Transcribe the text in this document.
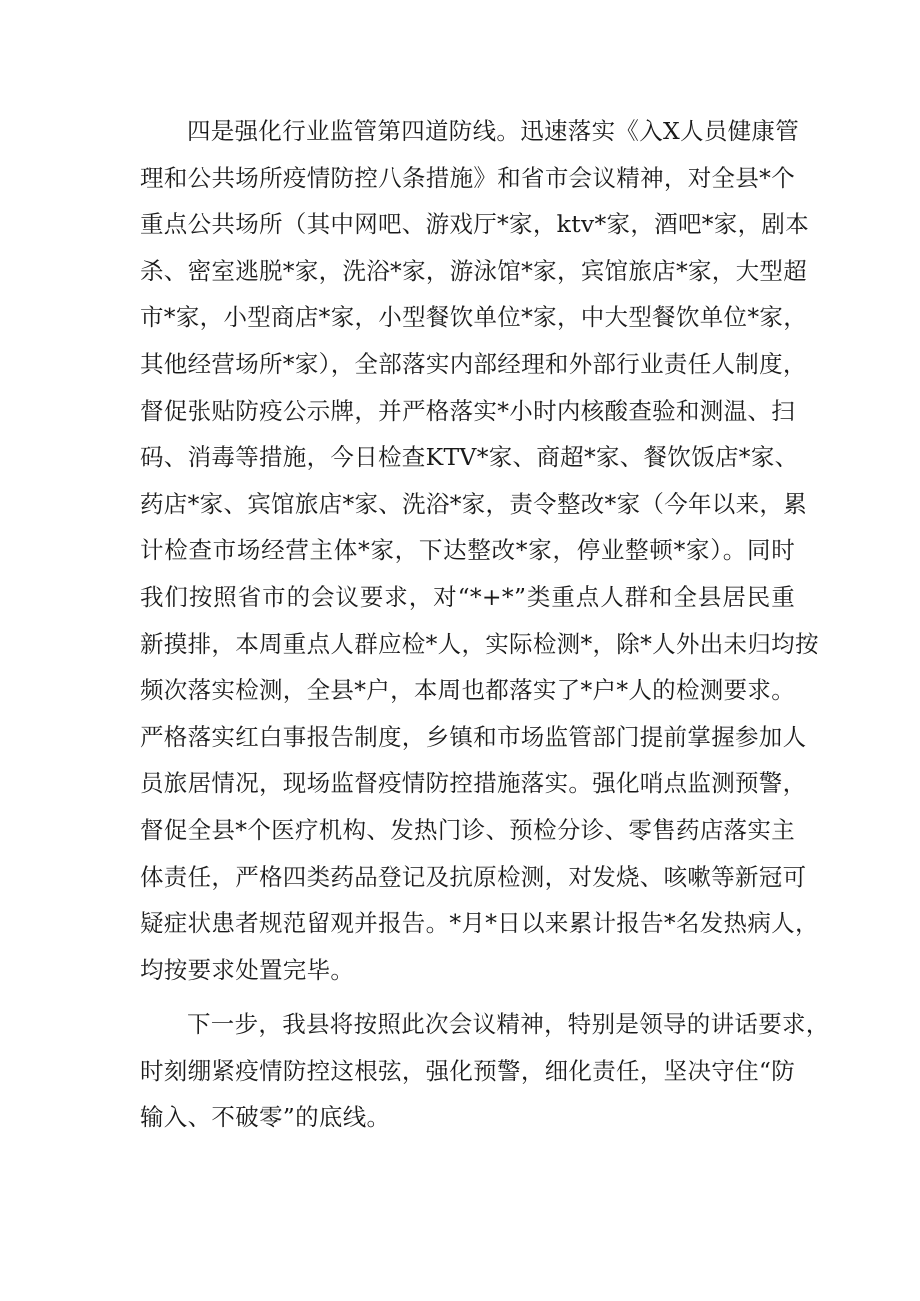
四是强化行业监管第四道防线。迅速落实《入X人员健康管
理和公共场所疫情防控八条措施》和省市会议精神，对全县*个
重点公共场所（其中网吧、游戏厅*家，ktv*家，酒吧*家，剧本
杀、密室逃脱*家，洗浴*家，游泳馆*家，宾馆旅店*家，大型超
市*家，小型商店*家，小型餐饮单位*家，中大型餐饮单位*家，
其他经营场所*家），全部落实内部经理和外部行业责任人制度，
督促张贴防疫公示牌，并严格落实*小时内核酸查验和测温、扫
码、消毒等措施，今日检查KTV*家、商超*家、餐饮饭店*家、
药店*家、宾馆旅店*家、洗浴*家，责令整改*家（今年以来，累
计检查市场经营主体*家，下达整改*家，停业整顿*家）。同时
我们按照省市的会议要求，对“*+*”类重点人群和全县居民重
新摸排，本周重点人群应检*人，实际检测*，除*人外出未归均按
频次落实检测，全县*户，本周也都落实了*户*人的检测要求。
严格落实红白事报告制度，乡镇和市场监管部门提前掌握参加人
员旅居情况，现场监督疫情防控措施落实。强化哨点监测预警，
督促全县*个医疗机构、发热门诊、预检分诊、零售药店落实主
体责任，严格四类药品登记及抗原检测，对发烧、咳嗽等新冠可
疑症状患者规范留观并报告。*月*日以来累计报告*名发热病人，
均按要求处置完毕。
下一步，我县将按照此次会议精神，特别是领导的讲话要求，
时刻绷紧疫情防控这根弦，强化预警，细化责任，坚决守住“防
输入、不破零”的底线。
